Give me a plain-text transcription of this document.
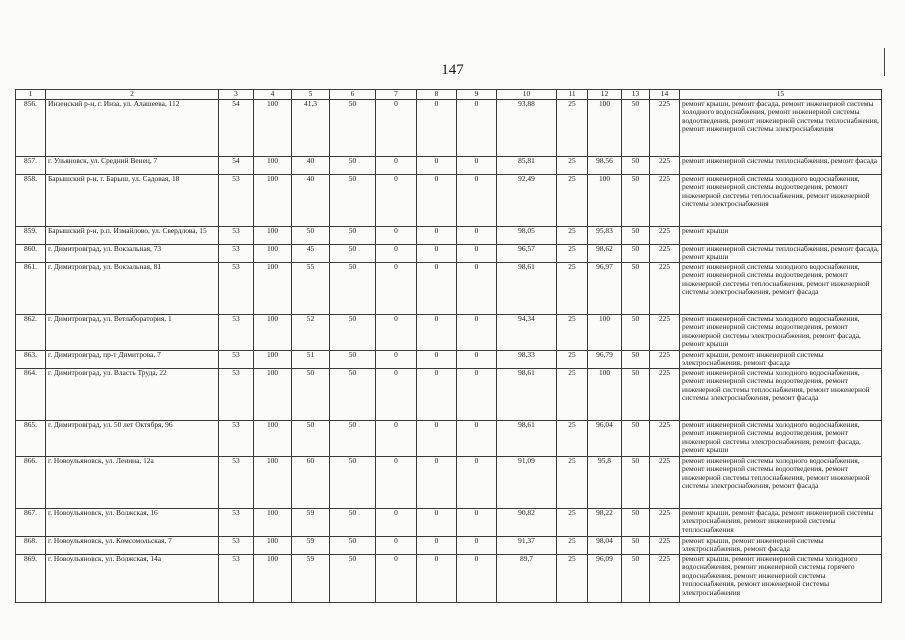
147
1	2	3	4	5	6	7	8	9	10	11	12	13	14	15
856.	Инзенский р-н, г. Инза, ул. Алашеева, 112	54	100	41,3	50	0	0	0	93,88	25	100	50	225	ремонт крыши, ремонт фасада, ремонт инженерной системы холодного водоснабжения, ремонт инженерной системы водоотведения, ремонт инженерной системы теплоснабжения, ремонт инженерной системы электроснабжения
857.	г. Ульяновск, ул. Средний Венец, 7	54	100	40	50	0	0	0	85,81	25	98,56	50	225	ремонт инженерной системы теплоснабжения, ремонт фасада
858.	Барышский р-н, г. Барыш, ул. Садовая, 18	53	100	40	50	0	0	0	92,49	25	100	50	225	ремонт инженерной системы холодного водоснабжения, ремонт инженерной системы водоотведения, ремонт инженерной системы теплоснабжения, ремонт инженерной системы электроснабжения
859.	Барышский р-н, р.п. Измайлово, ул. Свердлова, 15	53	100	50	50	0	0	0	98,05	25	95,83	50	225	ремонт крыши
860.	г. Димитровград, ул. Вокзальная, 73	53	100	45	50	0	0	0	96,57	25	98,62	50	225	ремонт инженерной системы теплоснабжения, ремонт фасада, ремонт крыши
861.	г. Димитровград, ул. Вокзальная, 81	53	100	55	50	0	0	0	98,61	25	96,97	50	225	ремонт инженерной системы холодного водоснабжения, ремонт инженерной системы водоотведения, ремонт инженерной системы теплоснабжения, ремонт инженерной системы электроснабжения, ремонт фасада
862.	г. Димитровград, ул. Ветлаборатория, 1	53	100	52	50	0	0	0	94,34	25	100	50	225	ремонт инженерной системы холодного водоснабжения, ремонт инженерной системы водоотведения, ремонт инженерной системы электроснабжения, ремонт фасада, ремонт крыши
863.	г. Димитровград, пр-т Димитрова, 7	53	100	51	50	0	0	0	98,33	25	96,79	50	225	ремонт крыши, ремонт инженерной системы электроснабжения, ремонт фасада
864.	г. Димитровград, ул. Власть Труда, 22	53	100	50	50	0	0	0	98,61	25	100	50	225	ремонт инженерной системы холодного водоснабжения, ремонт инженерной системы водоотведения, ремонт инженерной системы теплоснабжения, ремонт инженерной системы электроснабжения, ремонт фасада
865.	г. Димитровград, ул. 50 лет Октября, 96	53	100	50	50	0	0	0	98,61	25	96,04	50	225	ремонт инженерной системы холодного водоснабжения, ремонт инженерной системы водоотведения, ремонт инженерной системы электроснабжения, ремонт фасада, ремонт крыши
866.	г. Новоульяновск, ул. Ленина, 12а	53	100	60	50	0	0	0	91,09	25	95,8	50	225	ремонт инженерной системы холодного водоснабжения, ремонт инженерной системы водоотведения, ремонт инженерной системы теплоснабжения, ремонт инженерной системы электроснабжения, ремонт фасада
867.	г. Новоульяновск, ул. Волжская, 16	53	100	59	50	0	0	0	90,82	25	98,22	50	225	ремонт крыши, ремонт фасада, ремонт инженерной системы электроснабжения, ремонт инженерной системы теплоснабжения
868.	г. Новоульяновск, ул. Комсомольская, 7	53	100	59	50	0	0	0	91,37	25	98,04	50	225	ремонт крыши, ремонт инженерной системы электроснабжения, ремонт фасада
869.	г. Новоульяновск, ул. Волжская, 14а	53	100	59	50	0	0	0	89,7	25	96,09	50	225	ремонт крыши, ремонт инженерной системы холодного водоснабжения, ремонт инженерной системы горячего водоснабжения, ремонт инженерной системы теплоснабжения, ремонт инженерной системы электроснабжения
